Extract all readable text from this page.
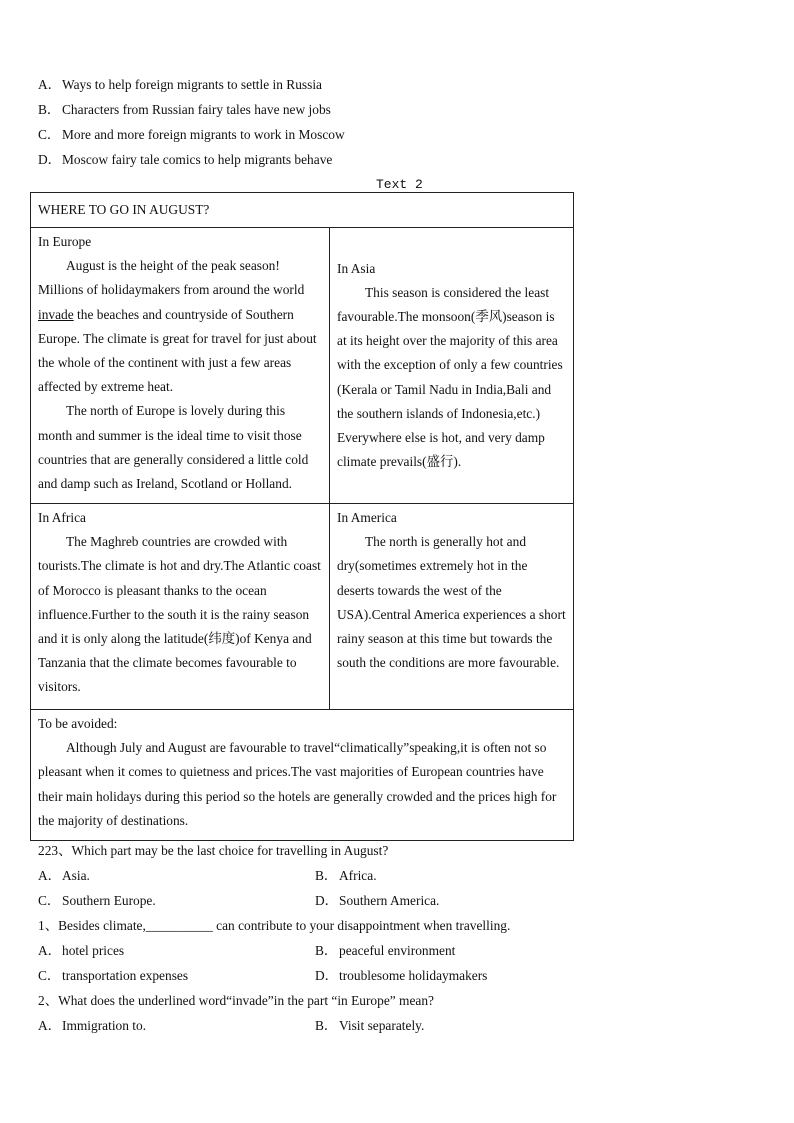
A．Ways to help foreign migrants to settle in Russia
B． Characters from Russian fairy tales have new jobs
C． More and more foreign migrants to work in Moscow
D．Moscow fairy tale comics to help migrants behave
Text 2
WHERE TO GO IN AUGUST?	

In Europe
August is the height of the peak season! Millions of holidaymakers from around the world invade the beaches and countryside of Southern Europe. The climate is great for travel for just about the whole of the continent with just a few areas affected by extreme heat.
The north of Europe is lovely during this month and summer is the ideal time to visit those countries that are generally considered a little cold and damp such as Ireland, Scotland or Holland.

In Asia
This season is considered the least favourable.The monsoon(季风)season is at its height over the majority of this area with the exception of only a few countries (Kerala or Tamil Nadu in India,Bali and the southern islands of Indonesia,etc.) Everywhere else is hot, and very damp climate prevails(盛行).

In Africa
The Maghreb countries are crowded with tourists.The climate is hot and dry.The Atlantic coast of Morocco is pleasant thanks to the ocean influence.Further to the south it is the rainy season and it is only along the latitude(纬度)of Kenya and Tanzania that the climate becomes favourable to visitors.

In America
The north is generally hot and dry(sometimes extremely hot in the deserts towards the west of the USA).Central America experiences a short rainy season at this time but towards the south the conditions are more favourable.

To be avoided:
Although July and August are favourable to travel“climatically”speaking,it is often not so pleasant when it comes to quietness and prices.The vast majorities of European countries have their main holidays during this period so the hotels are generally crowded and the prices high for the majority of destinations.	
223、Which part may be the last choice for travelling in August?
A．Asia.	B． Africa.
C． Southern Europe.	D．Southern America.
1、Besides climate,__________ can contribute to your disappointment when travelling.
A．hotel prices	B． peaceful environment
C． transportation expenses	D．troublesome holidaymakers
2、What does the underlined word“invade”in the part “in Europe” mean?
A．Immigration to.	B． Visit separately.
